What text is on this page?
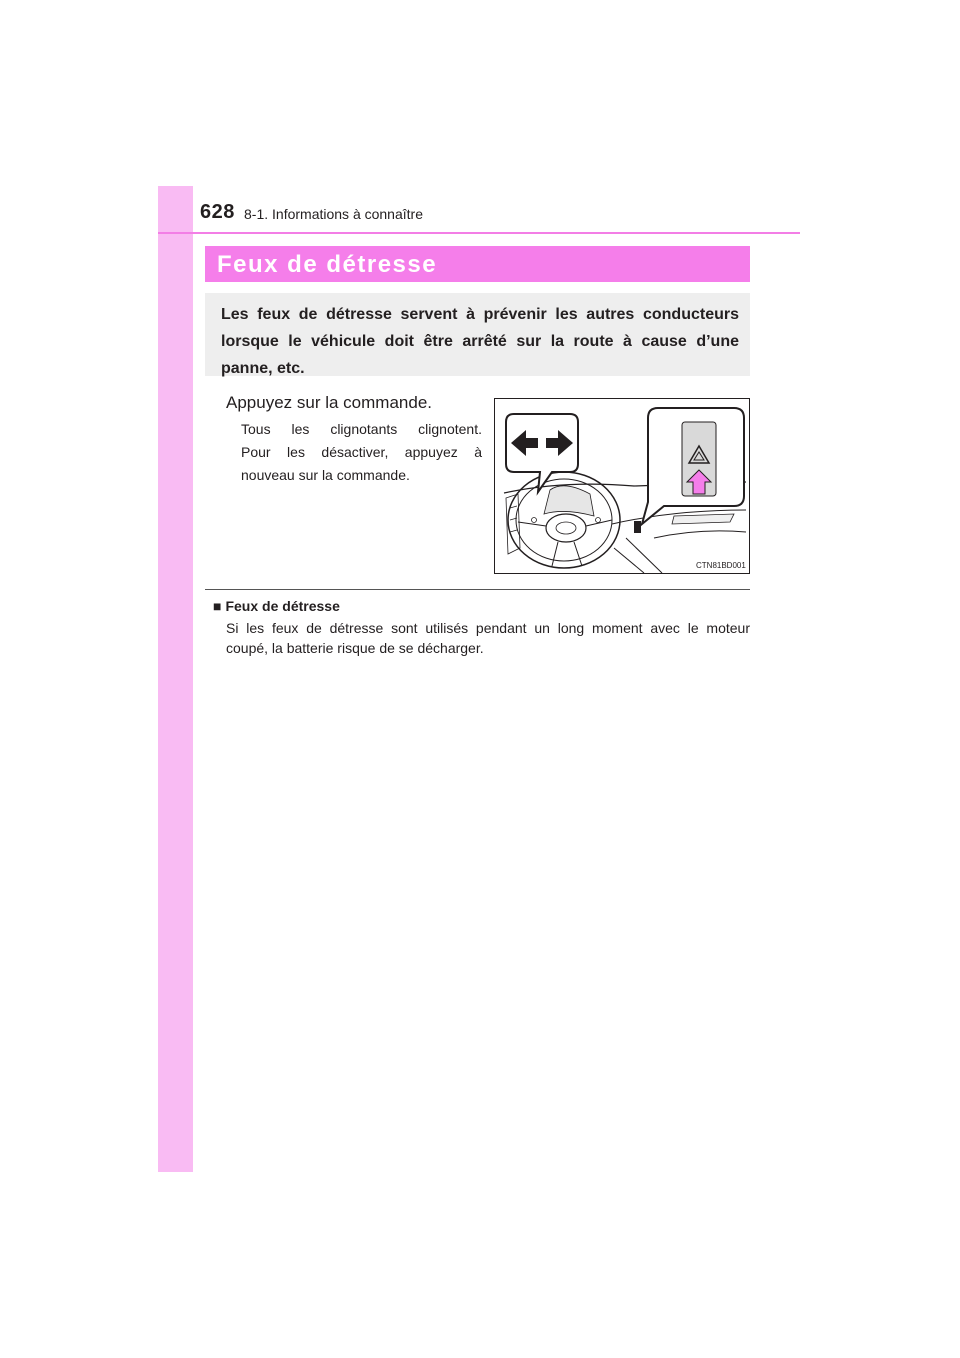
628 8-1. Informations à connaître
Feux de détresse
Les feux de détresse servent à prévenir les autres conducteurs lorsque le véhicule doit être arrêté sur la route à cause d’une panne, etc.
Appuyez sur la commande.
Tous les clignotants clignotent.
Pour les désactiver, appuyez à
nouveau sur la commande.
CTN81BD001
■ Feux de détresse
Si les feux de détresse sont utilisés pendant un long moment avec le moteur
coupé, la batterie risque de se décharger.
